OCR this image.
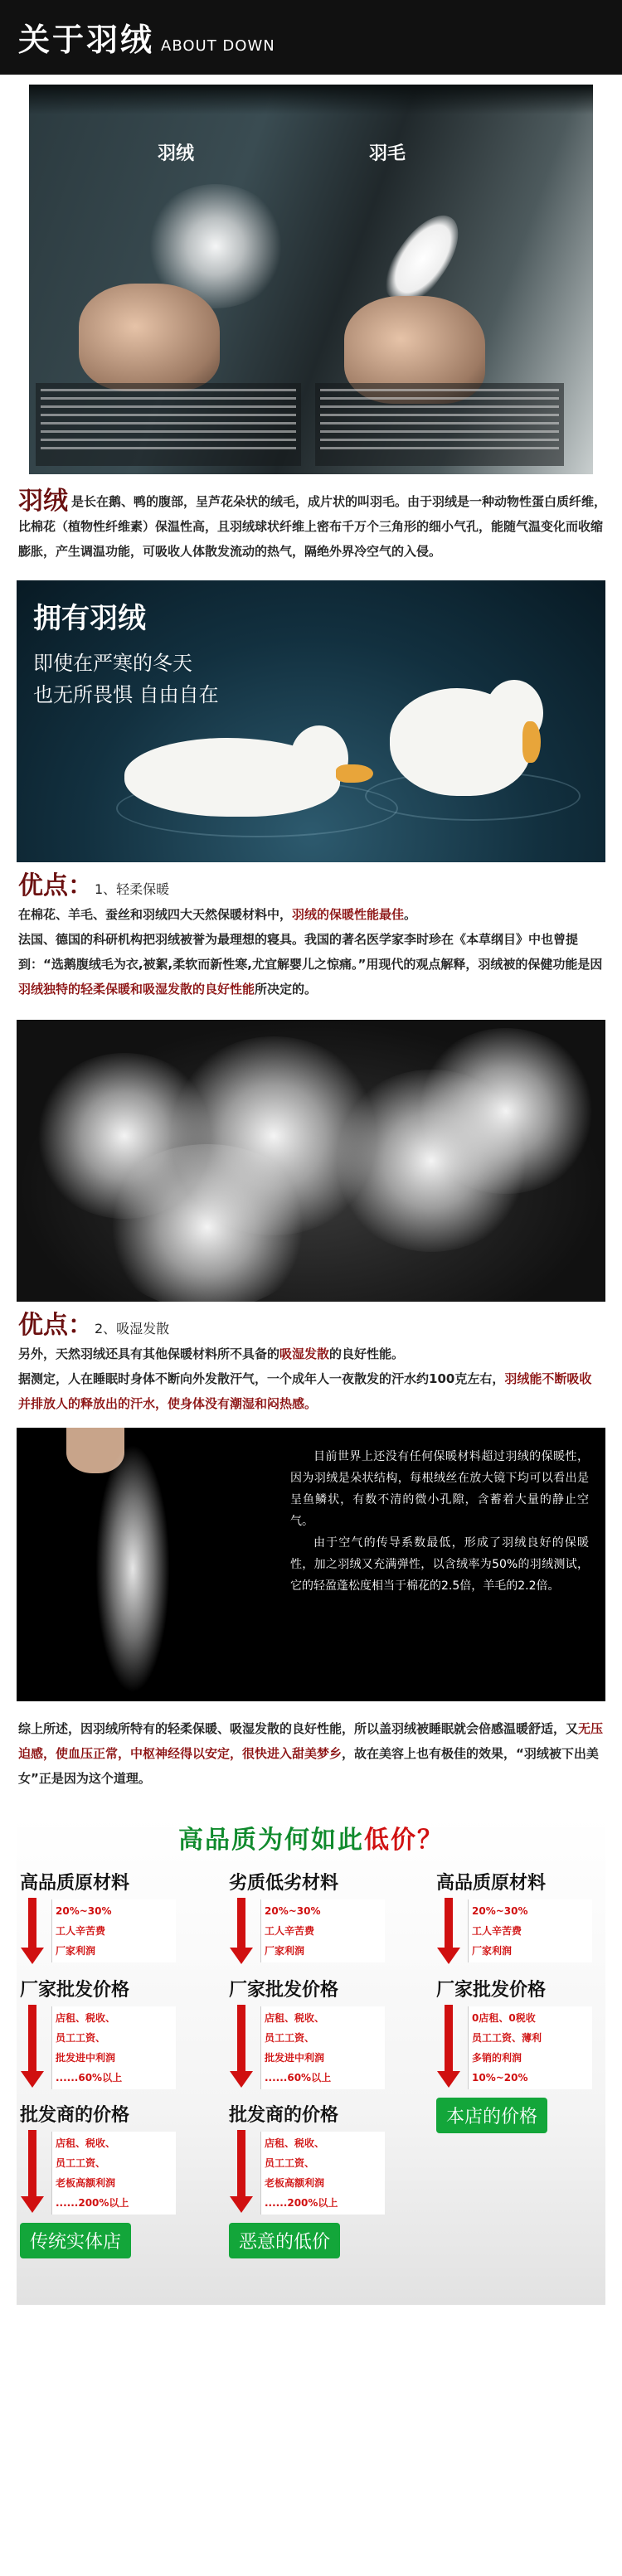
关于羽绒 ABOUT DOWN
羽绒	羽毛
羽绒 是长在鹅、鸭的腹部，呈芦花朵状的绒毛，成片状的叫羽毛。由于羽绒是一种动物性蛋白质纤维，比棉花（植物性纤维素）保温性高，且羽绒球状纤维上密布千万个三角形的细小气孔，能随气温变化而收缩膨胀，产生调温功能，可吸收人体散发流动的热气，隔绝外界冷空气的入侵。
拥有羽绒
即使在严寒的冬天
也无所畏惧 自由自在
优点： 1、轻柔保暖

在棉花、羊毛、蚕丝和羽绒四大天然保暖材料中，羽绒的保暖性能最佳。

法国、德国的科研机构把羽绒被誉为最理想的寝具。我国的著名医学家李时珍在《本草纲目》中也曾提到：“选鹅腹绒毛为衣,被絮,柔软而新性寒,尤宜解婴儿之惊痛。”用现代的观点解释，羽绒被的保健功能是因羽绒独特的轻柔保暖和吸湿发散的良好性能所决定的。

优点： 2、吸湿发散

另外，天然羽绒还具有其他保暖材料所不具备的吸湿发散的良好性能。

据测定，人在睡眠时身体不断向外发散汗气，一个成年人一夜散发的汗水约100克左右，羽绒能不断吸收并排放人的释放出的汗水，使身体没有潮湿和闷热感。

目前世界上还没有任何保暖材料超过羽绒的保暖性，因为羽绒是朵状结构，每根绒丝在放大镜下均可以看出是呈鱼鳞状，有数不清的微小孔隙，含蓄着大量的静止空气。

由于空气的传导系数最低，形成了羽绒良好的保暖性，加之羽绒又充满弹性，以含绒率为50%的羽绒测试，它的轻盈蓬松度相当于棉花的2.5倍，羊毛的2.2倍。

综上所述，因羽绒所特有的轻柔保暖、吸湿发散的良好性能，所以盖羽绒被睡眠就会倍感温暖舒适，又无压迫感，使血压正常，中枢神经得以安定，很快进入甜美梦乡，故在美容上也有极佳的效果，“羽绒被下出美女”正是因为这个道理。
高品质为何如此低价？
高品质原材料
20%~30%
工人辛苦费
厂家利润
厂家批发价格
店租、税收、
员工工资、
批发进中利润
......60%以上
批发商的价格
店租、税收、
员工工资、
老板高额利润
......200%以上
传统实体店
劣质低劣材料
20%~30%
工人辛苦费
厂家利润
厂家批发价格
店租、税收、
员工工资、
批发进中利润
......60%以上
批发商的价格
店租、税收、
员工工资、
老板高额利润
......200%以上
恶意的低价
高品质原材料
20%~30%
工人辛苦费
厂家利润
厂家批发价格
0店租、0税收
员工工资、薄利
多销的利润
10%~20%
本店的价格
